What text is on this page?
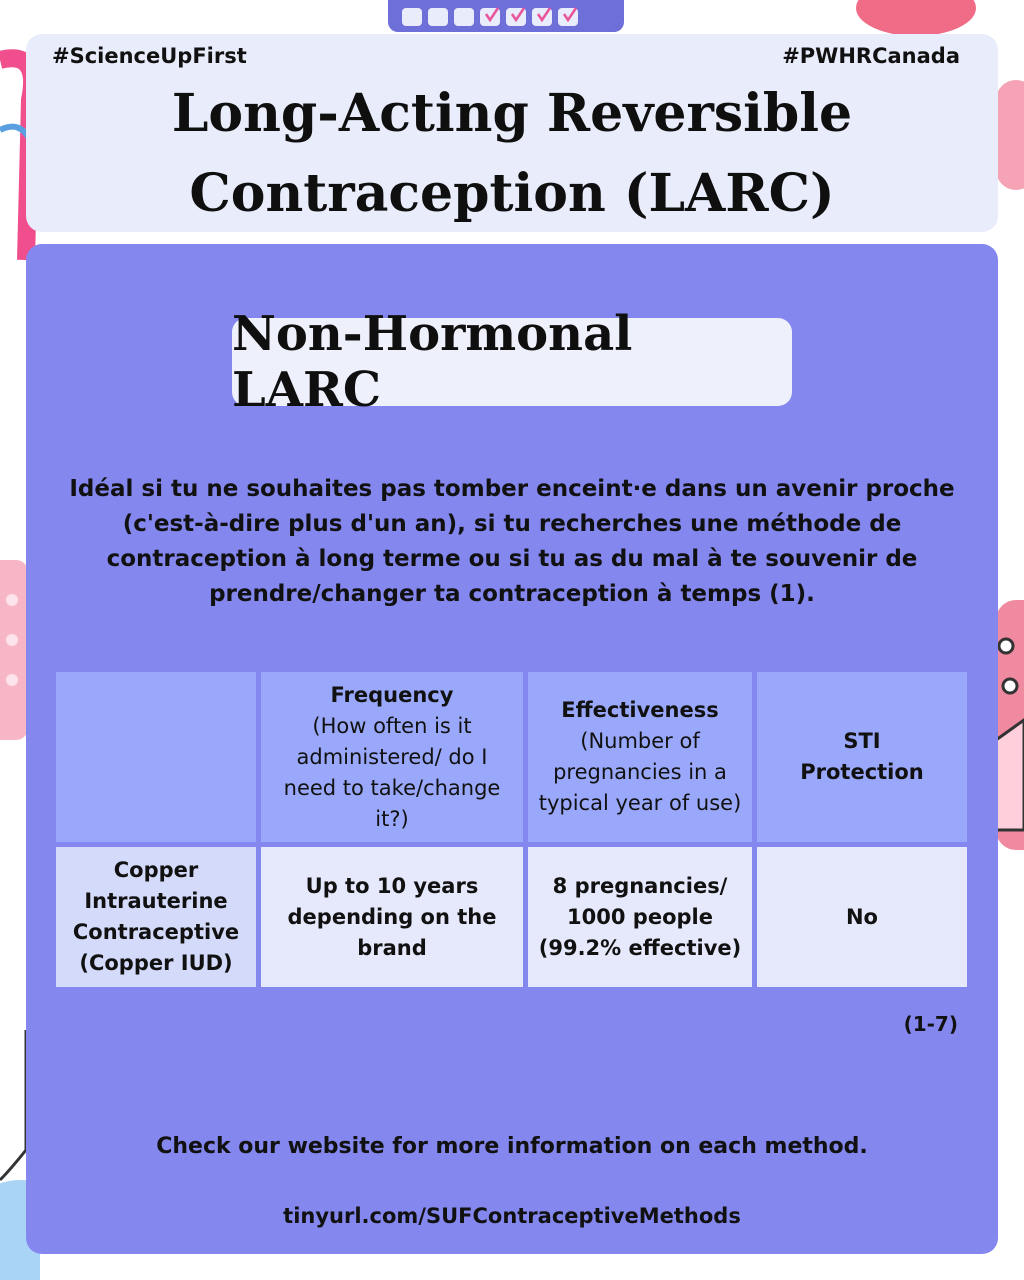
#ScienceUpFirst	#PWHRCanada
Long-Acting Reversible
Contraception (LARC)
Non-Hormonal LARC
Idéal si tu ne souhaites pas tomber enceint·e dans un avenir proche (c'est-à-dire plus d'un an), si tu recherches une méthode de contraception à long terme ou si tu as du mal à te souvenir de prendre/changer ta contraception à temps (1).
Frequency
(How often is it administered/ do I need to take/change it?)
Effectiveness
(Number of pregnancies in a typical year of use)
STI Protection
Copper Intrauterine Contraceptive (Copper IUD)
Up to 10 years depending on the brand
8 pregnancies/ 1000 people (99.2% effective)
No
(1-7)
Check our website for more information on each method.
tinyurl.com/SUFContraceptiveMethods
